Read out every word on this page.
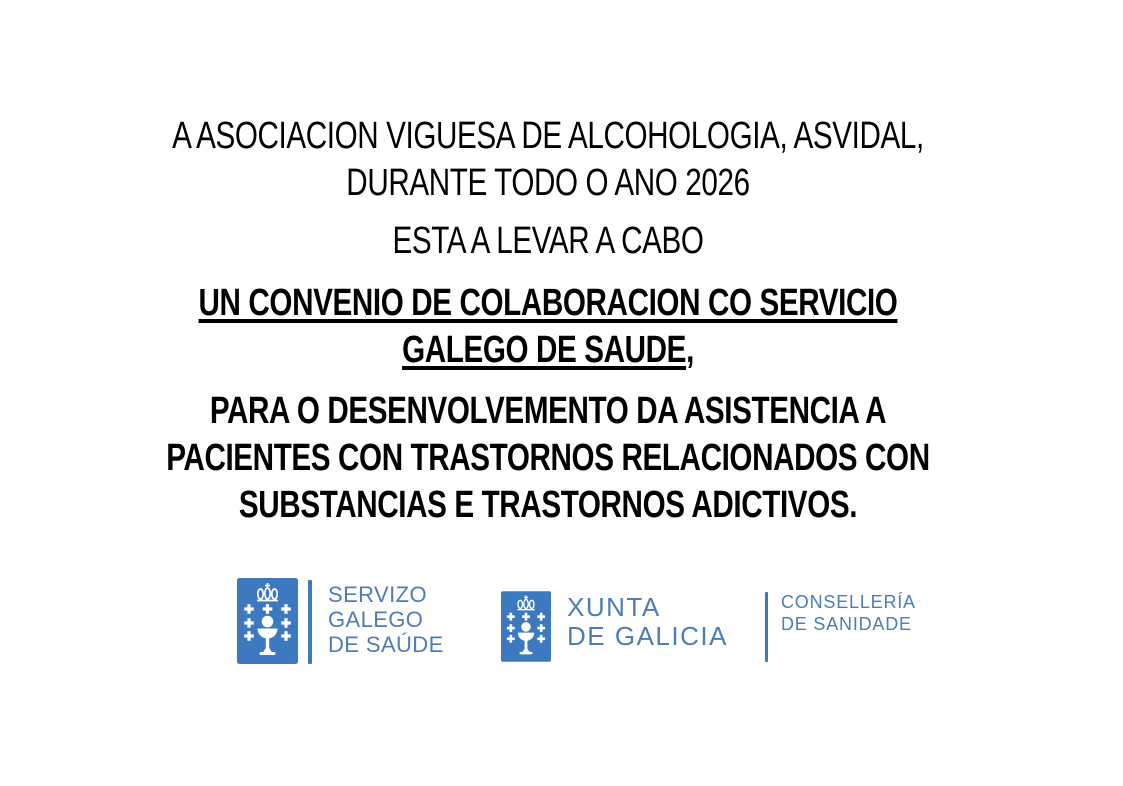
A ASOCIACION VIGUESA DE ALCOHOLOGIA, ASVIDAL,
DURANTE TODO O ANO 2026
ESTA A LEVAR A CABO
UN CONVENIO DE COLABORACION CO SERVICIO
GALEGO DE SAUDE,
PARA O DESENVOLVEMENTO DA ASISTENCIA A
PACIENTES CON TRASTORNOS RELACIONADOS CON
SUBSTANCIAS E TRASTORNOS ADICTIVOS.
SERVIZO
GALEGO
DE SAÚDE
XUNTA
DE GALICIA
CONSELLERÍA
DE SANIDADE
